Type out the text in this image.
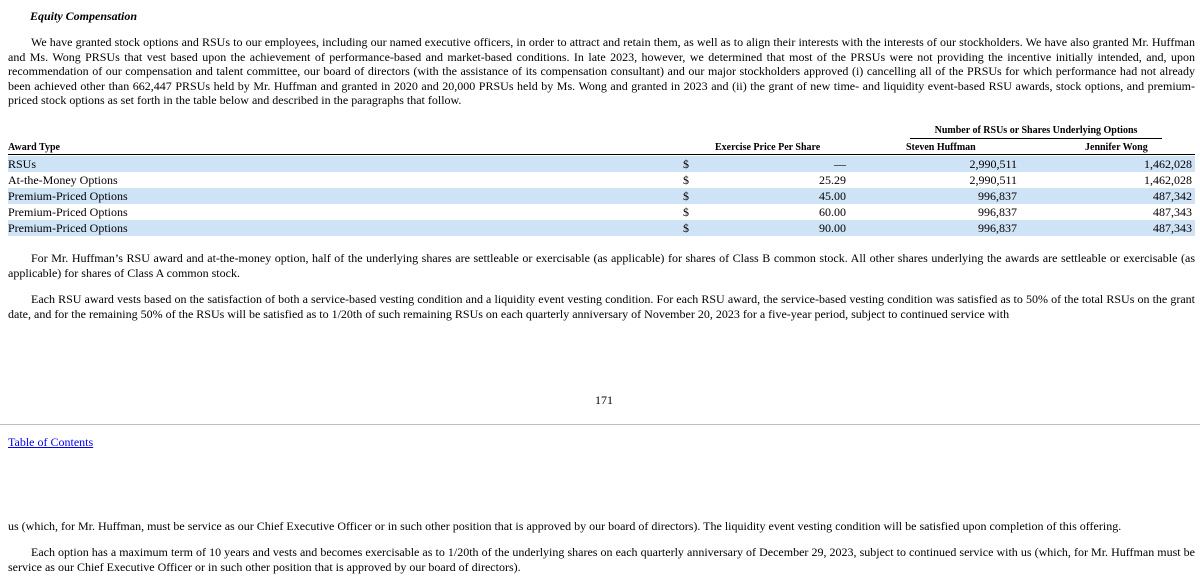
Equity Compensation

We have granted stock options and RSUs to our employees, including our named executive officers, in order to attract and retain them, as well as to align their interests with the interests of our stockholders. We have also granted Mr. Huffman and Ms. Wong PRSUs that vest based upon the achievement of performance-based and market-based conditions. In late 2023, however, we determined that most of the PRSUs were not providing the incentive initially intended, and, upon recommendation of our compensation and talent committee, our board of directors (with the assistance of its compensation consultant) and our major stockholders approved (i) cancelling all of the PRSUs for which performance had not already been achieved other than 662,447 PRSUs held by Mr. Huffman and granted in 2020 and 20,000 PRSUs held by Ms. Wong and granted in 2023 and (ii) the grant of new time- and liquidity event-based RSU awards, stock options, and premium-priced stock options as set forth in the table below and described in the paragraphs that follow.

Number of RSUs or Shares Underlying Options
Award Type	Exercise Price Per Share	Steven Huffman	Jennifer Wong
RSUs	$	—	2,990,511	1,462,028
At-the-Money Options	$	25.29	2,990,511	1,462,028
Premium-Priced Options	$	45.00	996,837	487,342
Premium-Priced Options	$	60.00	996,837	487,343
Premium-Priced Options	$	90.00	996,837	487,343

For Mr. Huffman’s RSU award and at-the-money option, half of the underlying shares are settleable or exercisable (as applicable) for shares of Class B common stock. All other shares underlying the awards are settleable or exercisable (as applicable) for shares of Class A common stock.

Each RSU award vests based on the satisfaction of both a service-based vesting condition and a liquidity event vesting condition. For each RSU award, the service-based vesting condition was satisfied as to 50% of the total RSUs on the grant date, and for the remaining 50% of the RSUs will be satisfied as to 1/20th of such remaining RSUs on each quarterly anniversary of November 20, 2023 for a five-year period, subject to continued service with

171
Table of Contents

us (which, for Mr. Huffman, must be service as our Chief Executive Officer or in such other position that is approved by our board of directors). The liquidity event vesting condition will be satisfied upon completion of this offering.

Each option has a maximum term of 10 years and vests and becomes exercisable as to 1/20th of the underlying shares on each quarterly anniversary of December 29, 2023, subject to continued service with us (which, for Mr. Huffman must be service as our Chief Executive Officer or in such other position that is approved by our board of directors).
